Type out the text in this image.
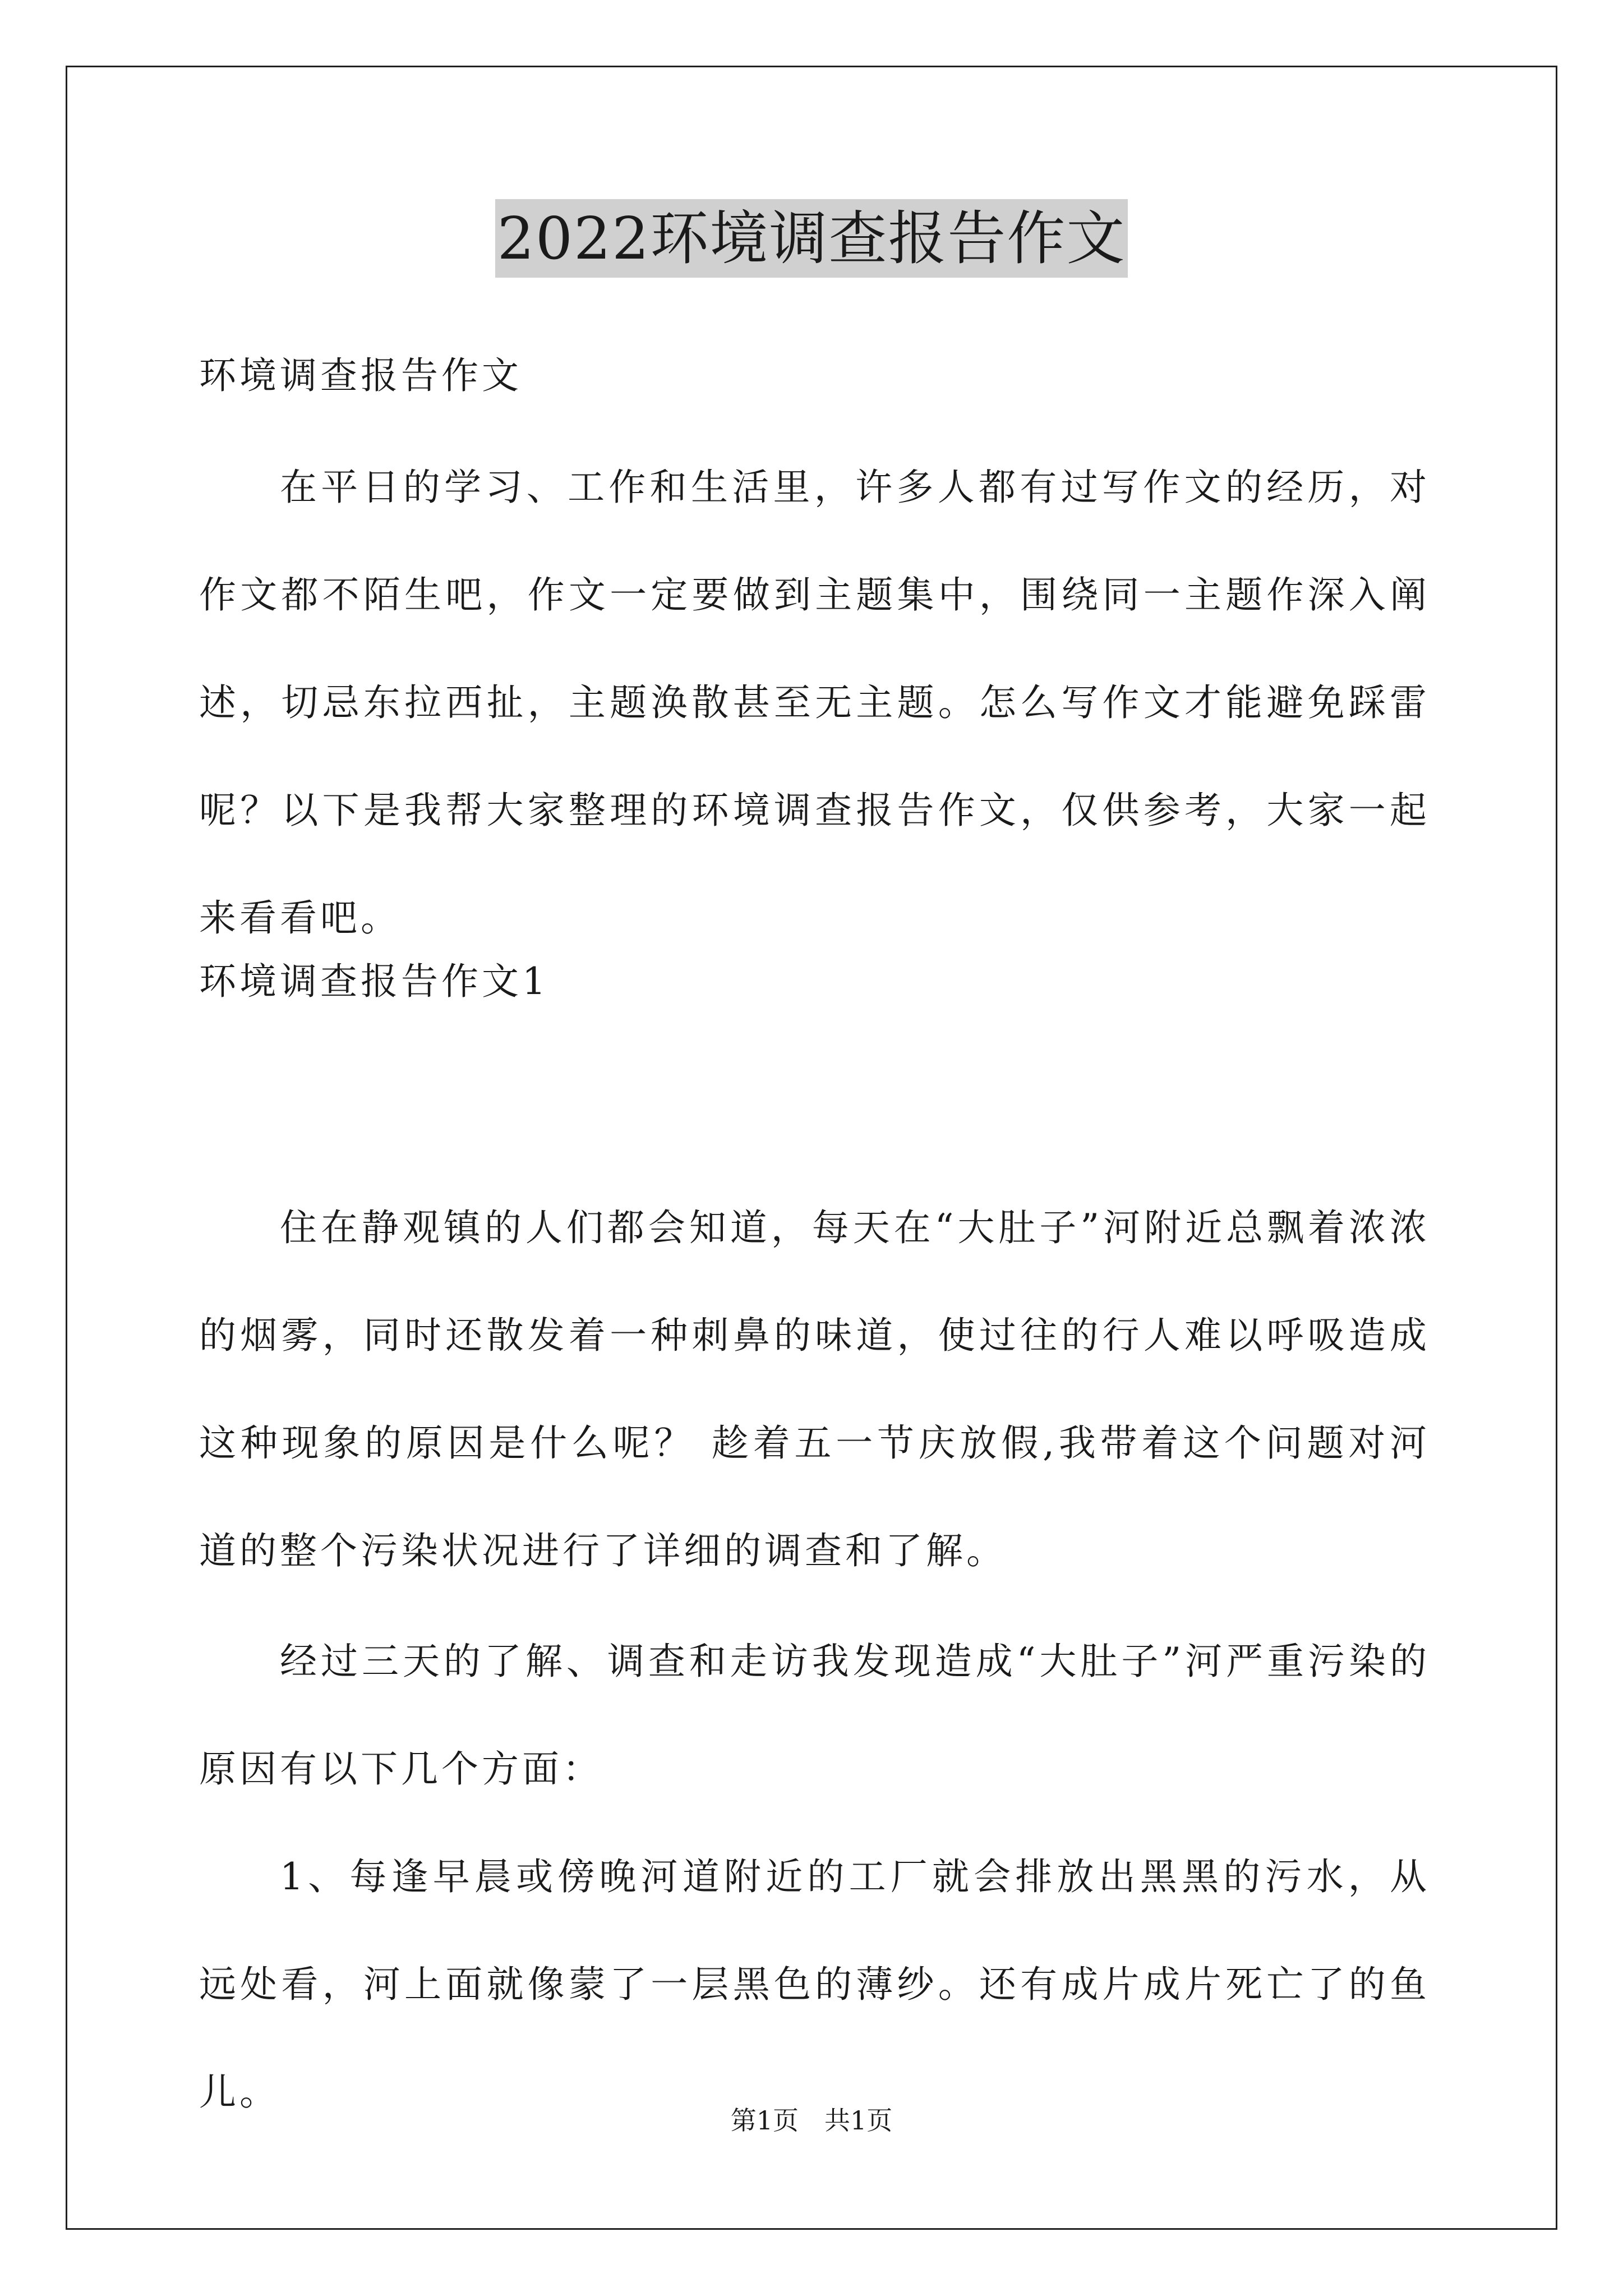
2022环境调查报告作文

环境调查报告作文

在平日的学习、工作和生活里，许多人都有过写作文的经历，对作文都不陌生吧，作文一定要做到主题集中，围绕同一主题作深入阐述，切忌东拉西扯，主题涣散甚至无主题。怎么写作文才能避免踩雷呢？以下是我帮大家整理的环境调查报告作文，仅供参考，大家一起来看看吧。

环境调查报告作文1

住在静观镇的人们都会知道，每天在“大肚子”河附近总飘着浓浓的烟雾，同时还散发着一种刺鼻的味道，使过往的行人难以呼吸造成这种现象的原因是什么呢？ 趁着五一节庆放假,我带着这个问题对河道的整个污染状况进行了详细的调查和了解。

经过三天的了解、调查和走访我发现造成“大肚子”河严重污染的原因有以下几个方面：

1、每逢早晨或傍晚河道附近的工厂就会排放出黑黑的污水，从远处看，河上面就像蒙了一层黑色的薄纱。还有成片成片死亡了的鱼儿。

第1页　共1页
